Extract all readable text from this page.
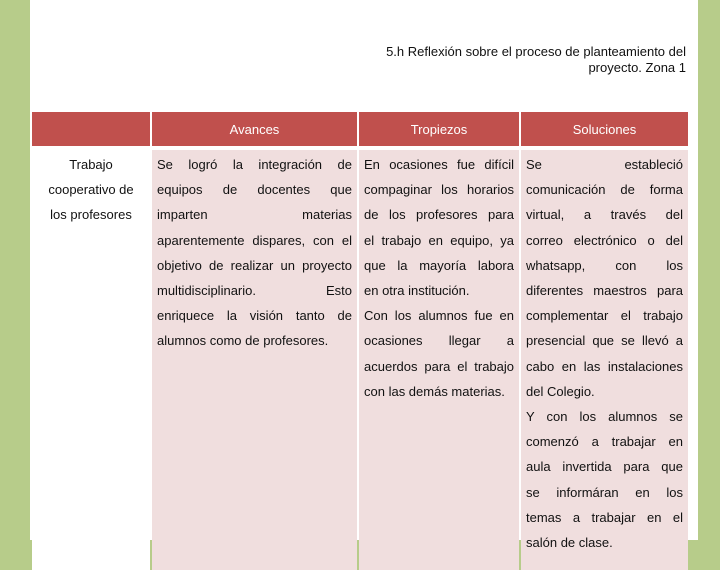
5.h Reflexión sobre el proceso de planteamiento del
proyecto. Zona 1
Avances	Tropiezos	Soluciones

Trabajo

cooperativo de

los profesores

Se logró la integración de

equipos de docentes que

imparten materias

aparentemente dispares, con el

objetivo de realizar un proyecto

multidisciplinario. Esto

enriquece la visión tanto de

alumnos como de profesores.

En ocasiones fue difícil

compaginar los horarios

de los profesores para

el trabajo en equipo, ya

que la mayoría labora

en otra institución.

Con los alumnos fue en

ocasiones llegar a

acuerdos para el trabajo

con las demás materias.

Se estableció

comunicación de forma

virtual, a través del

correo electrónico o del

whatsapp, con los

diferentes maestros para

complementar el trabajo

presencial que se llevó a

cabo en las instalaciones

del Colegio.

Y con los alumnos se

comenzó a trabajar en

aula invertida para que

se informáran en los

temas a trabajar en el

salón de clase.
